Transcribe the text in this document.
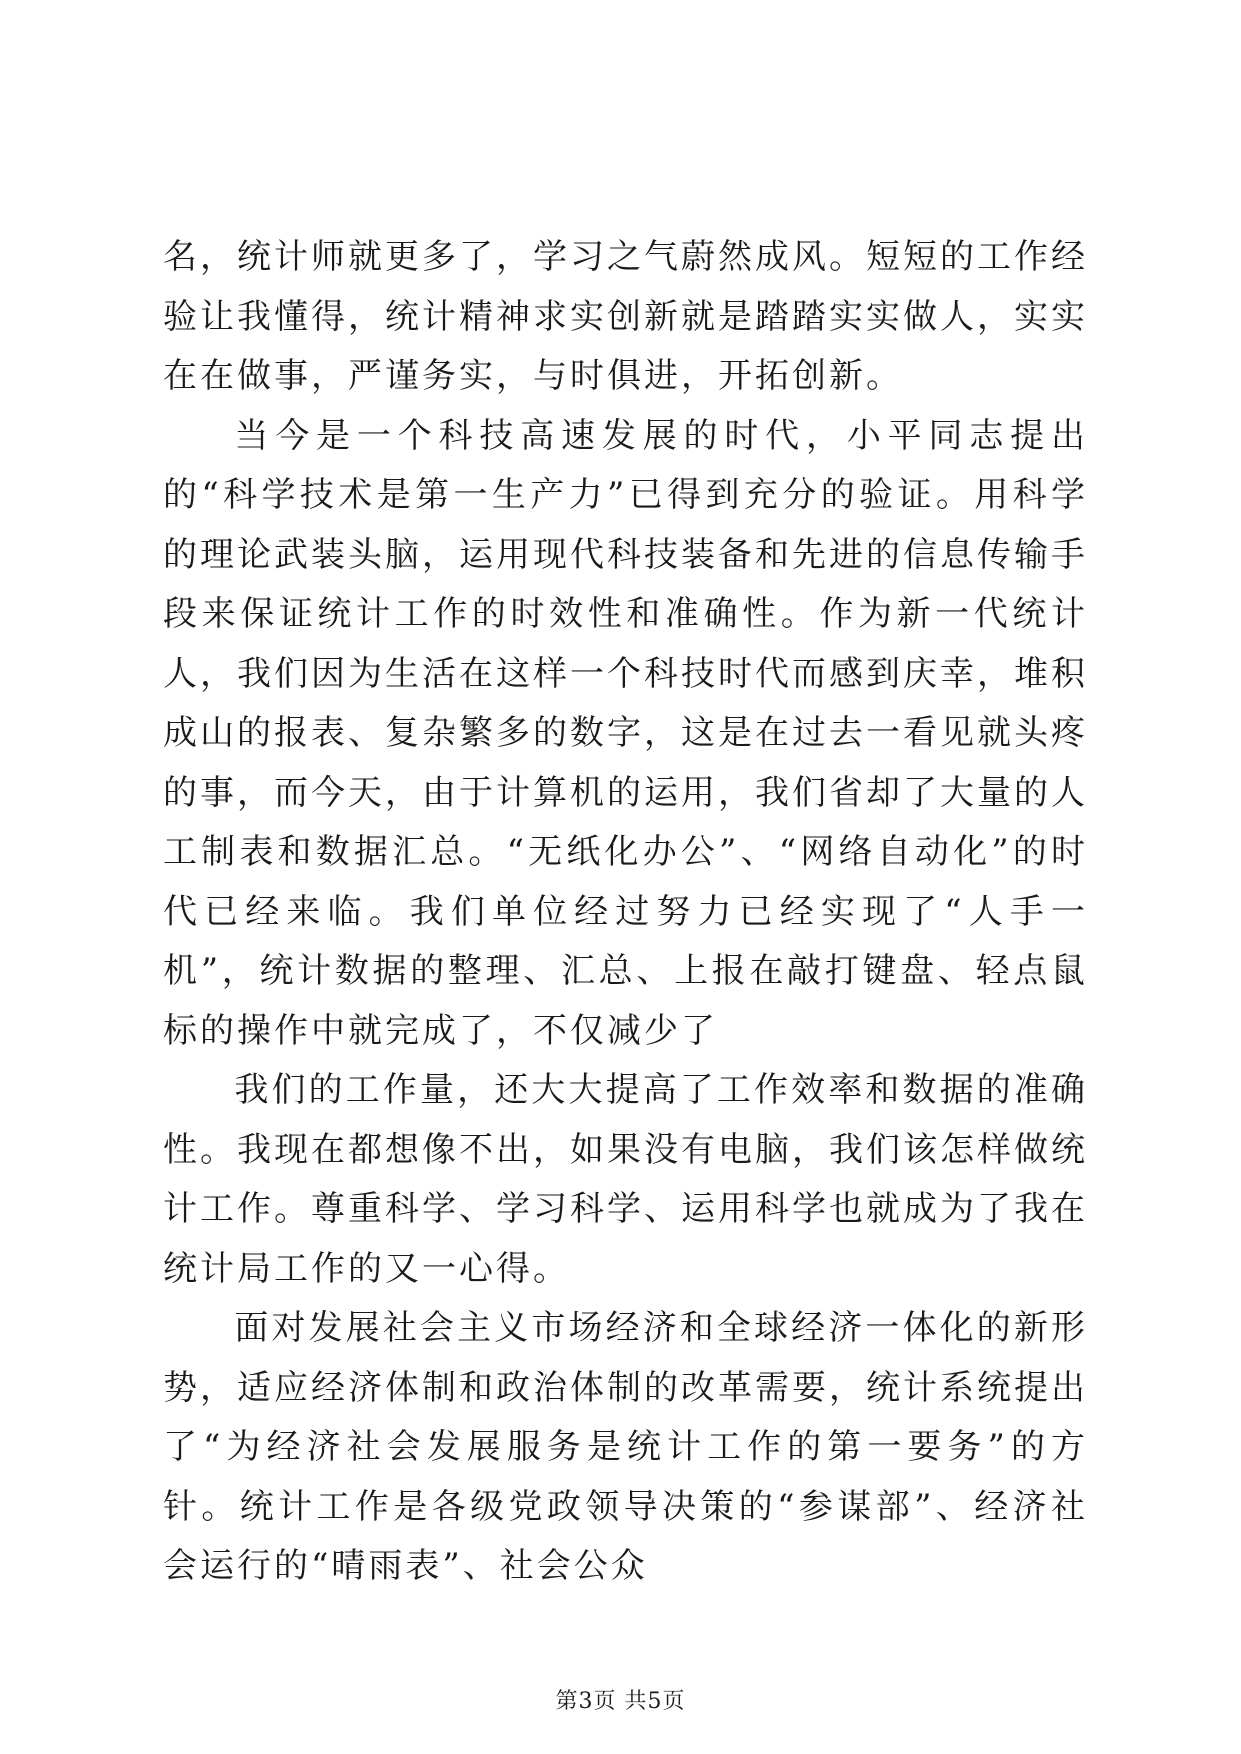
名，统计师就更多了，学习之气蔚然成风。短短的工作经验让我懂得，统计精神求实创新就是踏踏实实做人，实实在在做事，严谨务实，与时俱进，开拓创新。

当今是一个科技高速发展的时代，小平同志提出的“科学技术是第一生产力”已得到充分的验证。用科学的理论武装头脑，运用现代科技装备和先进的信息传输手段来保证统计工作的时效性和准确性。作为新一代统计人，我们因为生活在这样一个科技时代而感到庆幸，堆积成山的报表、复杂繁多的数字，这是在过去一看见就头疼的事，而今天，由于计算机的运用，我们省却了大量的人工制表和数据汇总。“无纸化办公”、“网络自动化”的时代已经来临。我们单位经过努力已经实现了“人手一机”，统计数据的整理、汇总、上报在敲打键盘、轻点鼠标的操作中就完成了，不仅减少了

我们的工作量，还大大提高了工作效率和数据的准确性。我现在都想像不出，如果没有电脑，我们该怎样做统计工作。尊重科学、学习科学、运用科学也就成为了我在统计局工作的又一心得。

面对发展社会主义市场经济和全球经济一体化的新形势，适应经济体制和政治体制的改革需要，统计系统提出了“为经济社会发展服务是统计工作的第一要务”的方针。统计工作是各级党政领导决策的“参谋部”、经济社会运行的“晴雨表”、社会公众

第3页 共5页
